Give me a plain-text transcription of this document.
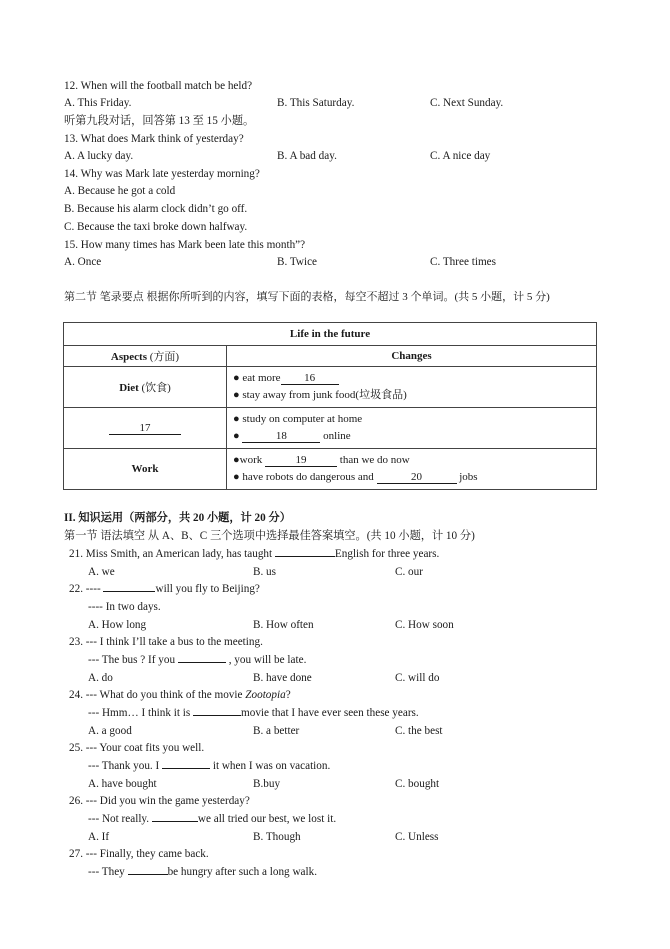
12. When will the football match be held?
A. This Friday.	B. This Saturday.	C. Next Sunday.
听第九段对话，回答第 13 至 15 小题。
13. What does Mark think of yesterday?
A. A lucky day.	B. A bad day.	C. A nice day
14. Why was Mark late yesterday morning?
A. Because he got a cold
B. Because his alarm clock didn’t go off.
C. Because the taxi broke down halfway.
15. How many times has Mark been late this month”?
A. Once	B. Twice	C. Three times
第二节 笔录要点 根据你所听到的内容，填写下面的表格，每空不超过 3 个单词。(共 5 小题，计 5 分)
Life in the future	
Aspects (方面)	Changes
Diet (饮食)	● eat more 16
● stay away from junk food(垃圾食品)

17	● study on computer at home
● 18 online

Work	●work 19 than we do now
● have robots do dangerous and 20 jobs
II. 知识运用（两部分，共 20 小题，计 20 分）
第一节 语法填空 从 A、B、C 三个选项中选择最佳答案填空。(共 10 小题，计 10 分)
21. Miss Smith, an American lady, has taught	English for three years.
A. we	B. us	C. our
22. ----	will you fly to Beijing?
---- In two days.
A. How long	B. How often	C. How soon
23. --- I think I’ll take a bus to the meeting.
--- The bus ? If you	, you will be late.
A. do	B. have done	C. will do
24. --- What do you think of the movie Zootopia?
--- Hmm… I think it is	movie that I have ever seen these years.
A. a good	B. a better	C. the best
25. --- Your coat fits you well.
--- Thank you. I	it when I was on vacation.
A. have bought	B.buy	C. bought
26. --- Did you win the game yesterday?
--- Not really.	we all tried our best, we lost it.
A. If	B. Though	C. Unless
27. --- Finally, they came back.
--- They	be hungry after such a long walk.
